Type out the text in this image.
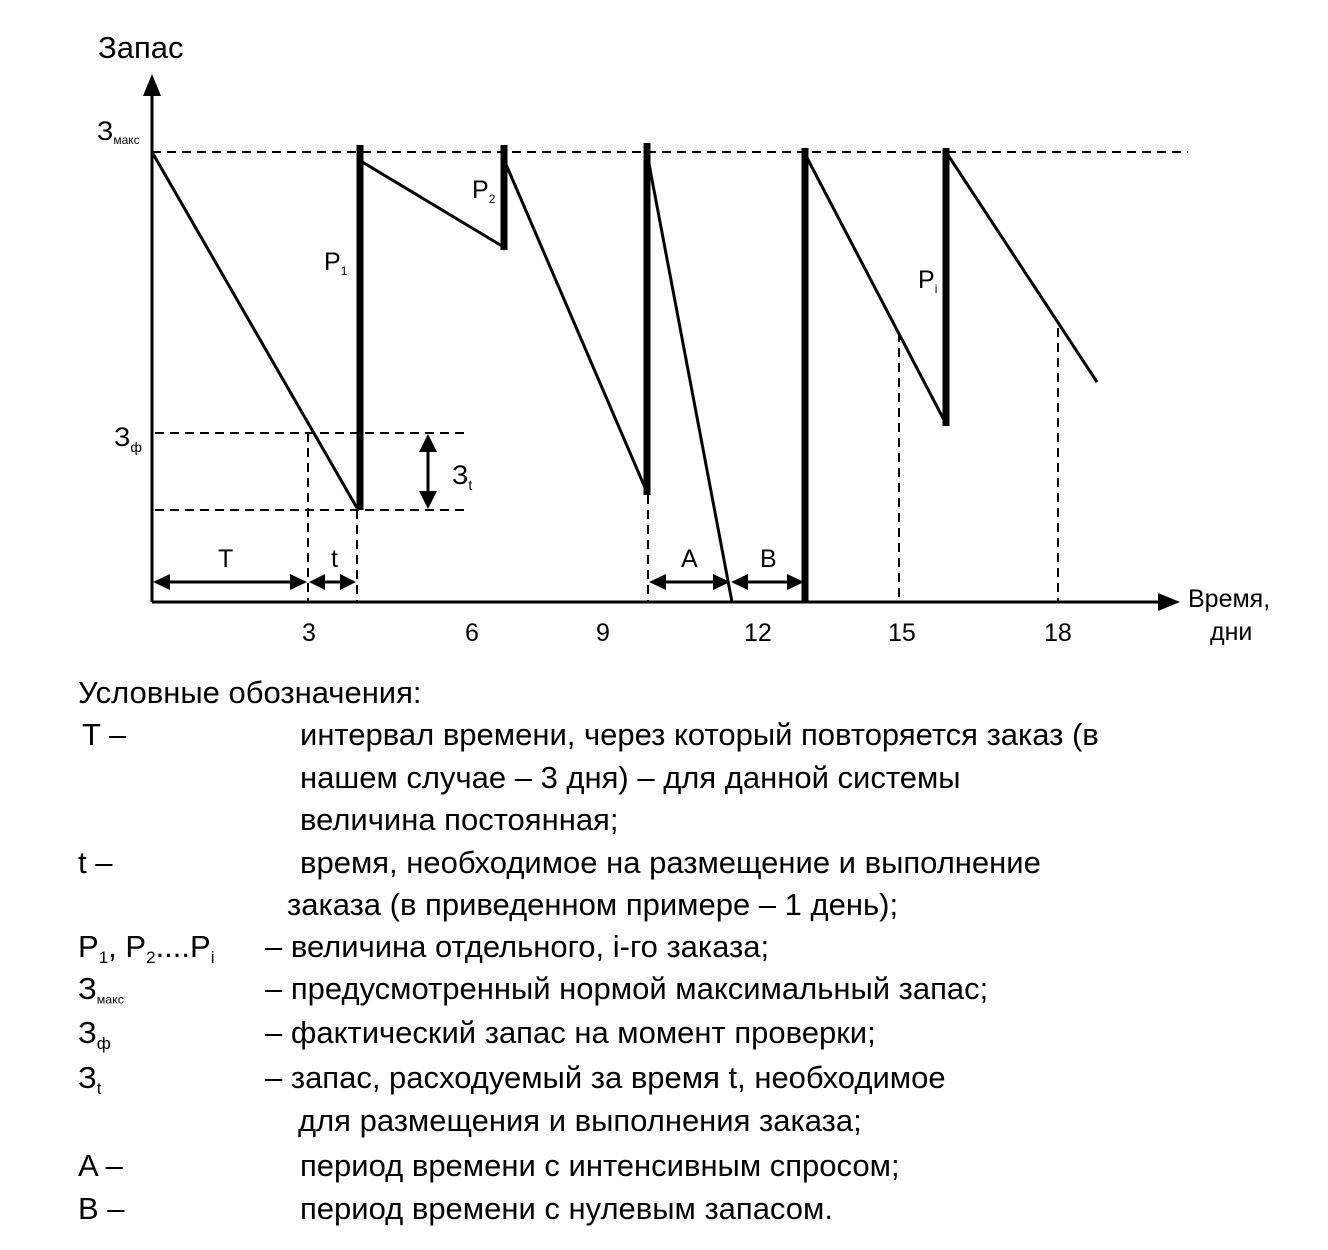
Запас
Время,
дни
3	6	9	12	15	18
Змакс
$З_ф$
$З_t$
$P_1$
$P_2$
$P_i$
T	t	A B
Условные обозначения:
T –	интервал времени, через который повторяется заказ (в
нашем случае – 3 дня) – для данной системы
величина постоянная;
t –	время, необходимое на размещение и выполнение
заказа (в приведенном примере – 1 день);
$P_1$, $P_2....P_i$ – величина отдельного, i-го заказа;
$З_{макс}$	– предусмотренный нормой максимальный запас;
$З_ф$	– фактический запас на момент проверки;
$З_t$	– запас, расходуемый за время t, необходимое
для размещения и выполнения заказа;
A –	период времени с интенсивным спросом;
B –	период времени с нулевым запасом.
